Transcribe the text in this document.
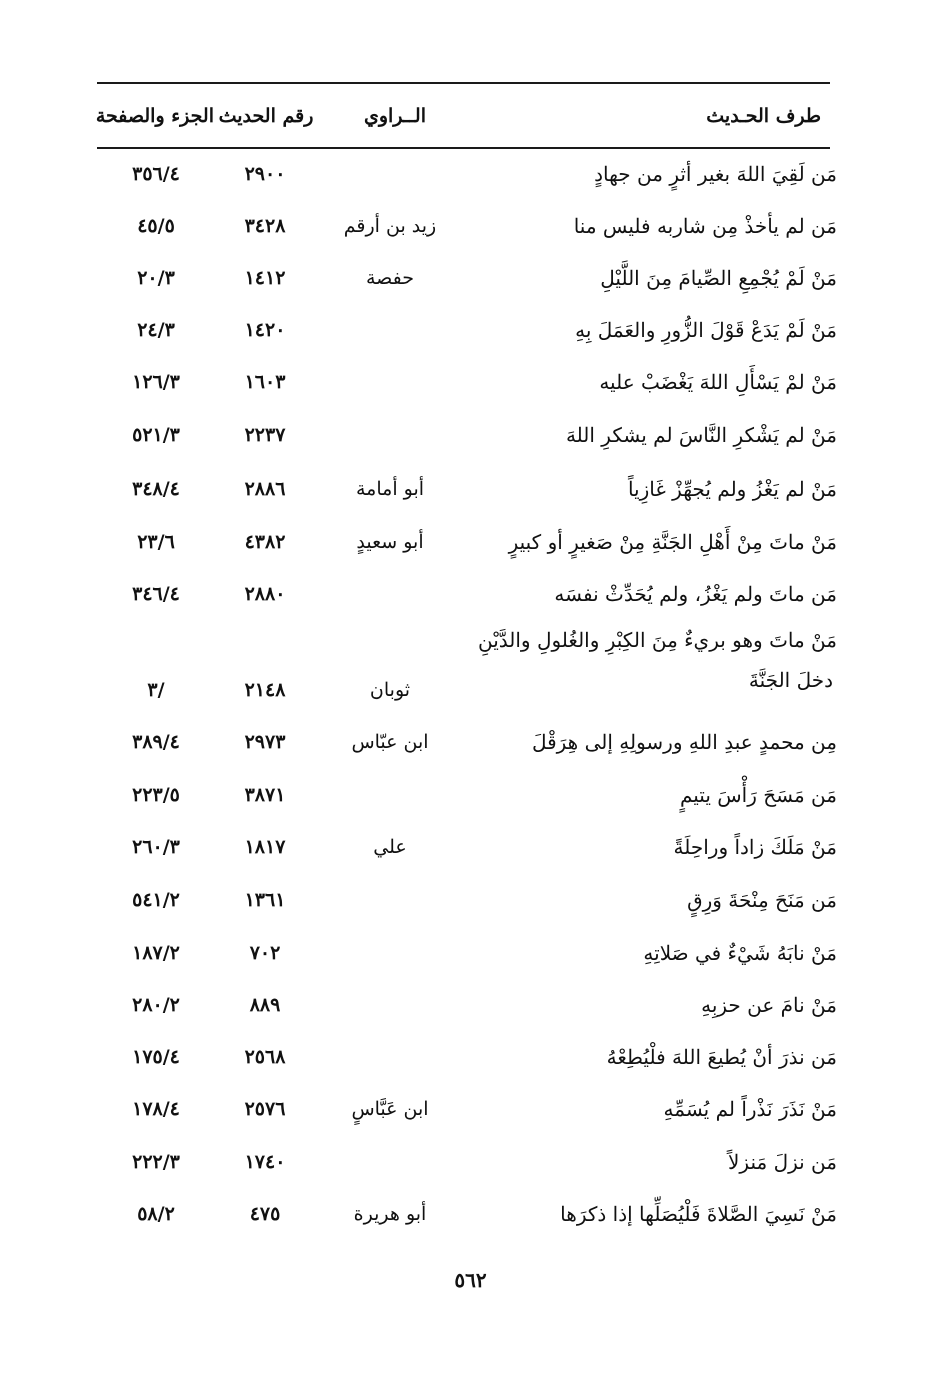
طرف الحـديث
الــراوي
رقم الحديث
الجزء والصفحة
مَن لَقِيَ اللهَ بغير أثرٍ من جهادٍ
٢٩٠٠
٣٥٦/٤
مَن لم يأخذْ مِن شاربه فليس منا
زيد بن أرقم
٣٤٢٨
٤٥/٥
مَنْ لَمْ يُجْمِعِ الصِّيامَ مِنَ اللَّيْلِ
حفصة
١٤١٢
٢٠/٣
مَنْ لَمْ يَدَعْ قَوْلَ الزُّورِ والعَمَلَ بِهِ
١٤٢٠
٢٤/٣
مَنْ لمْ يَسْأَلِ اللهَ يَغْضَبْ عليه
١٦٠٣
١٢٦/٣
مَنْ لم يَشْكرِ النَّاسَ لم يشكرِ اللهَ
٢٢٣٧
٥٢١/٣
مَنْ لم يَغْزُ ولم يُجهِّزْ غَازِياً
أبو أمامة
٢٨٨٦
٣٤٨/٤
مَنْ ماتَ مِنْ أَهْلِ الجَنَّةِ مِنْ صَغيرٍ أو كبيرٍ
أبو سعيدٍ
٤٣٨٢
٢٣/٦
مَن ماتَ ولم يَغْزُ، ولم يُحَدِّثْ نفسَه
٢٨٨٠
٣٤٦/٤
مَنْ ماتَ وهو بريءٌ مِنَ الكِبْرِ والغُلولِ والدَّيْنِ
دخلَ الجَنَّةَ
ثوبان
٢١٤٨
/٣
مِن محمدٍ عبدِ اللهِ ورسولِهِ إلى هِرَقْلَ
ابن عبّاس
٢٩٧٣
٣٨٩/٤
مَن مَسَحَ رَأْسَ يتيمٍ
٣٨٧١
٢٢٣/٥
مَنْ مَلَكَ زاداً وراحِلَةً
علي
١٨١٧
٢٦٠/٣
مَن مَنَحَ مِنْحَةَ وَرِقٍ
١٣٦١
٥٤١/٢
مَنْ نابَهُ شَيْءٌ في صَلاتِهِ
٧٠٢
١٨٧/٢
مَنْ نامَ عن حزبِهِ
٨٨٩
٢٨٠/٢
مَن نذرَ أنْ يُطيعَ اللهَ فلْيُطِعْهُ
٢٥٦٨
١٧٥/٤
مَنْ نَذَرَ نَذْراً لم يُسَمِّهِ
ابن عَبَّاسٍ
٢٥٧٦
١٧٨/٤
مَن نزلَ مَنزلاً
١٧٤٠
٢٢٢/٣
مَنْ نَسِيَ الصَّلاةَ فَلْيُصَلِّها إذا ذكرَها
أبو هريرة
٤٧٥
٥٨/٢
٥٦٢
